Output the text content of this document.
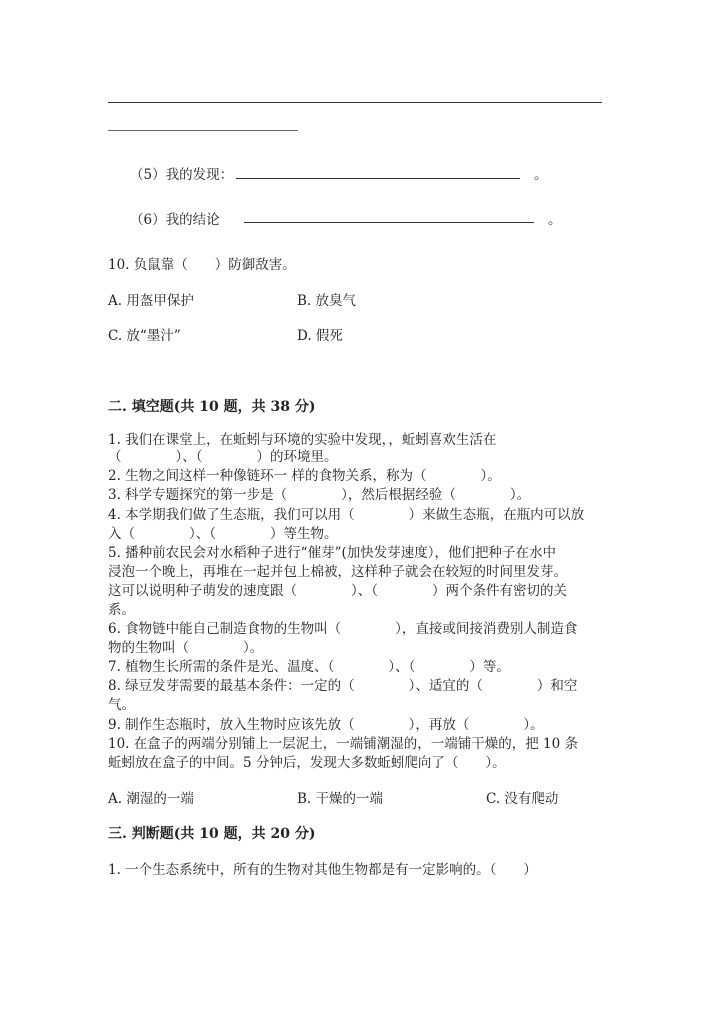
（5）我的发现：	。
（6）我的结论	。
10. 负鼠靠（　　）防御敌害。
A. 用盔甲保护	B. 放臭气
C. 放“墨汁”	D. 假死
二. 填空题(共 10 题，共 38 分)
1. 我们在课堂上，在蚯蚓与环境的实验中发现，，蚯蚓喜欢生活在
（　　　　）、（　　　　）的环境里。
2. 生物之间这样一种像链环一 样的食物关系，称为（　　　　）。
3. 科学专题探究的第一步是（　　　　），然后根据经验（　　　　）。
4. 本学期我们做了生态瓶，我们可以用（　　　　）来做生态瓶，在瓶内可以放
入（　　　　）、（　　　　）等生物。
5. 播种前农民会对水稻种子进行“催芽”(加快发芽速度），他们把种子在水中
浸泡一个晚上，再堆在一起并包上棉被，这样种子就会在较短的时间里发芽。
这可以说明种子萌发的速度跟（　　　　）、（　　　　）两个条件有密切的关
系。
6. 食物链中能自己制造食物的生物叫（　　　　），直接或间接消费别人制造食
物的生物叫（　　　　）。
7. 植物生长所需的条件是光、温度、（　　　　）、（　　　　）等。
8. 绿豆发芽需要的最基本条件：一定的（　　　　）、适宜的（　　　　）和空
气。
9. 制作生态瓶时，放入生物时应该先放（　　　　），再放（　　　　）。
10. 在盒子的两端分别铺上一层泥土，一端铺潮湿的，一端铺干燥的，把 10 条
蚯蚓放在盒子的中间。5 分钟后，发现大多数蚯蚓爬向了（　　）。
A. 潮湿的一端	B. 干燥的一端	C. 没有爬动
三. 判断题(共 10 题，共 20 分)
1. 一个生态系统中，所有的生物对其他生物都是有一定影响的。（　　）
